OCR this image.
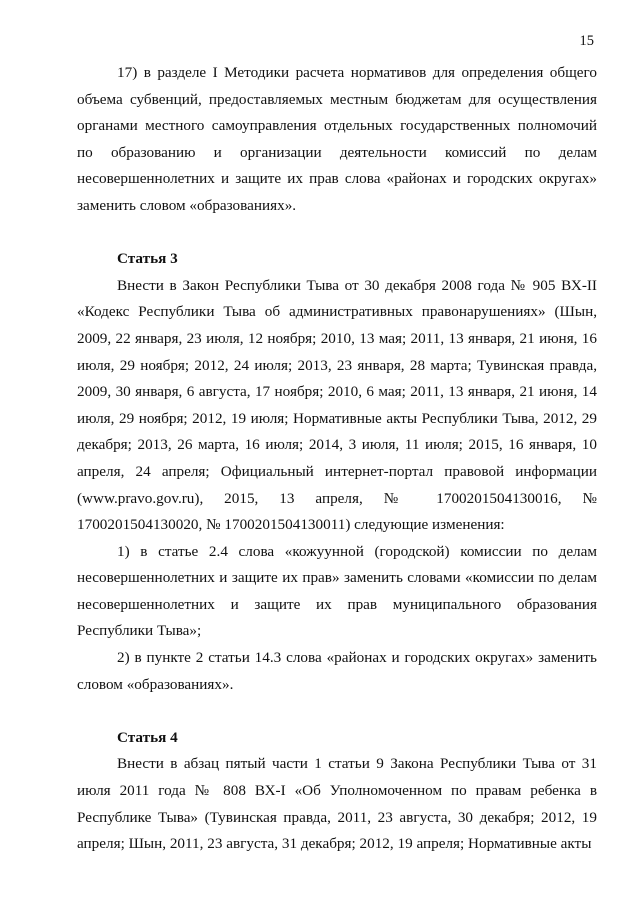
15

17) в разделе I Методики расчета нормативов для определения общего объема субвенций, предоставляемых местным бюджетам для осуществления органами местного самоуправления отдельных государственных полномочий по образованию и организации деятельности комиссий по делам несовершеннолетних и защите их прав слова «районах и городских округах» заменить словом «образованиях».

Статья 3

Внести в Закон Республики Тыва от 30 декабря 2008 года № 905 ВХ-II «Кодекс Республики Тыва об административных правонарушениях» (Шын, 2009, 22 января, 23 июля, 12 ноября; 2010, 13 мая; 2011, 13 января, 21 июня, 16 июля, 29 ноября; 2012, 24 июля; 2013, 23 января, 28 марта; Тувинская правда, 2009, 30 января, 6 августа, 17 ноября; 2010, 6 мая; 2011, 13 января, 21 июня, 14 июля, 29 ноября; 2012, 19 июля; Нормативные акты Республики Тыва, 2012, 29 декабря; 2013, 26 марта, 16 июля; 2014, 3 июля, 11 июля; 2015, 16 января, 10 апреля, 24 апреля; Официальный интернет-портал правовой информации (www.pravo.gov.ru), 2015, 13 апреля, № 1700201504130016, № 1700201504130020, № 1700201504130011) следующие изменения:

1) в статье 2.4 слова «кожуунной (городской) комиссии по делам несовершеннолетних и защите их прав» заменить словами «комиссии по делам несовершеннолетних и защите их прав муниципального образования Республики Тыва»;

2) в пункте 2 статьи 14.3 слова «районах и городских округах» заменить словом «образованиях».

Статья 4

Внести в абзац пятый части 1 статьи 9 Закона Республики Тыва от 31 июля 2011 года № 808 ВХ-I «Об Уполномоченном по правам ребенка в Республике Тыва» (Тувинская правда, 2011, 23 августа, 30 декабря; 2012, 19 апреля; Шын, 2011, 23 августа, 31 декабря; 2012, 19 апреля; Нормативные акты
